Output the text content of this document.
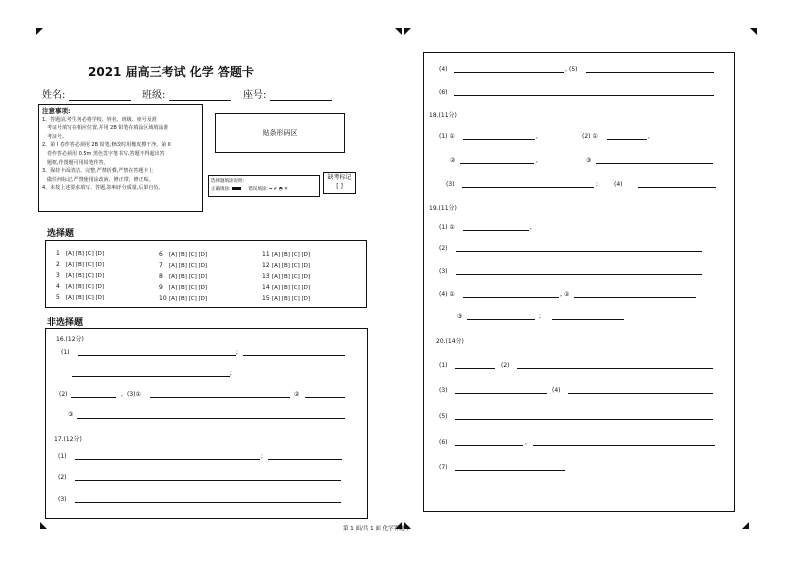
2021 届高三考试 化学 答题卡
姓名:	班级:	座号:
注意事项:
1、答题前,考生务必将学校、姓名、班级、座号及准
考证号填写在相应位置,并用 2B 铅笔在填涂区域填涂准
考证号。
2、第 I 卷作答必须用 2B 铅笔,修改时用橡皮擦干净。第 II
卷作答必须用 0.5m 黑色签字笔书写,答题不得超出答
题框,作图题可用铅笔作答。
3、保持卡面清洁、完整,严禁折叠,严禁在答题卡上
做任何标记,严禁使用涂改液、修正带、修正贴。
4、未按上述要求填写、答题,影响评分质量,后果自负。
贴条形码区
选择题填涂说明:
正确填涂:	错误填涂: ━ ✔ ◓ ✕
缺考标记
[ ]
选择题
1 [A] [B] [C] [D]
2 [A] [B] [C] [D]
3 [A] [B] [C] [D]
4 [A] [B] [C] [D]
5 [A] [B] [C] [D]
6 [A] [B] [C] [D]
7 [A] [B] [C] [D]
8 [A] [B] [C] [D]
9 [A] [B] [C] [D]
10 [A] [B] [C] [D]
11 [A] [B] [C] [D]
12 [A] [B] [C] [D]
13 [A] [B] [C] [D]
14 [A] [B] [C] [D]
15 [A] [B] [C] [D]
非选择题
16.(12分)
(1)	;
;
(2)	, (3)①	②
③
17.(12分)
(1)	;
(2)
(3)
(4)	, (5)
(6)
18.(11分)
(1) ①	,	(2) ①	,
②	,	③
(3)	;	(4)
19.(11分)
(1) ①	,
(2)
(3)
(4) ①	, ②
③	;
20.(14分)
(1)	(2)
(3)	(4)
(5)
(6)	,
(7)
第 1 面/共 1 面 化学答题卡
